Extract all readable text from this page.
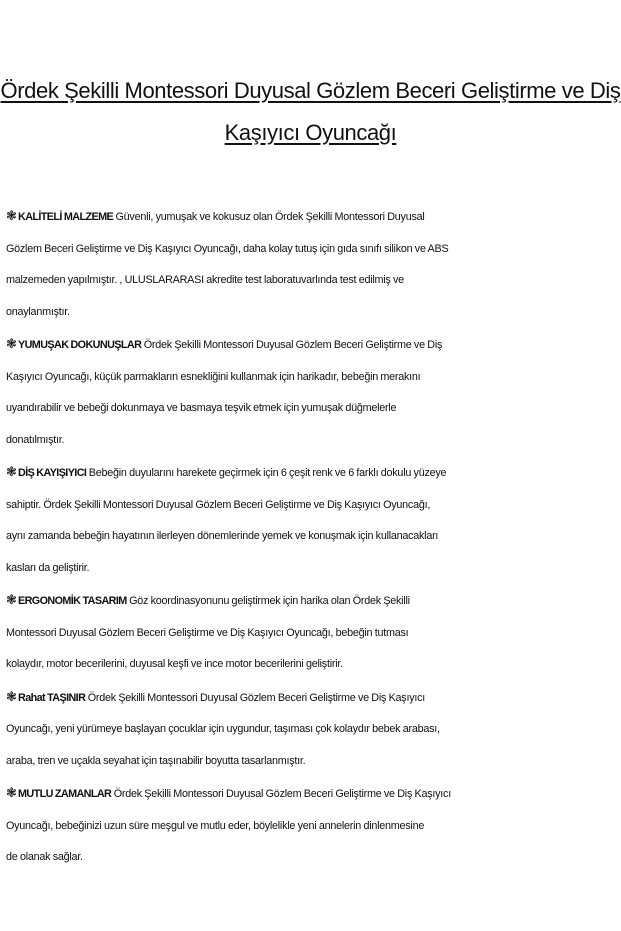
Ördek Şekilli Montessori Duyusal Gözlem Beceri Geliştirme ve Diş
Kaşıyıcı Oyuncağı
❃KALİTELİ MALZEME Güvenli, yumuşak ve kokusuz olan Ördek Şekilli Montessori Duyusal
Gözlem Beceri Geliştirme ve Diş Kaşıyıcı Oyuncağı, daha kolay tutuş için gıda sınıfı silikon ve ABS
malzemeden yapılmıştır. , ULUSLARARASI akredite test laboratuvarlında test edilmiş ve
onaylanmıştır.
❃YUMUŞAK DOKUNUŞLAR Ördek Şekilli Montessori Duyusal Gözlem Beceri Geliştirme ve Diş
Kaşıyıcı Oyuncağı, küçük parmakların esnekliğini kullanmak için harikadır, bebeğin merakını
uyandırabilir ve bebeği dokunmaya ve basmaya teşvik etmek için yumuşak düğmelerle
donatılmıştır.
❃DİŞ KAYIŞIYICI Bebeğin duyularını harekete geçirmek için 6 çeşit renk ve 6 farklı dokulu yüzeye
sahiptir. Ördek Şekilli Montessori Duyusal Gözlem Beceri Geliştirme ve Diş Kaşıyıcı Oyuncağı,
aynı zamanda bebeğin hayatının ilerleyen dönemlerinde yemek ve konuşmak için kullanacakları
kasları da geliştirir.
❃ERGONOMİK TASARIM Göz koordinasyonunu geliştirmek için harika olan Ördek Şekilli
Montessori Duyusal Gözlem Beceri Geliştirme ve Diş Kaşıyıcı Oyuncağı, bebeğin tutması
kolaydır, motor becerilerini, duyusal keşfi ve ince motor becerilerini geliştirir.
❃Rahat TAŞINIR Ördek Şekilli Montessori Duyusal Gözlem Beceri Geliştirme ve Diş Kaşıyıcı
Oyuncağı, yeni yürümeye başlayan çocuklar için uygundur, taşıması çok kolaydır bebek arabası,
araba, tren ve uçakla seyahat için taşınabilir boyutta tasarlanmıştır.
❃MUTLU ZAMANLAR Ördek Şekilli Montessori Duyusal Gözlem Beceri Geliştirme ve Diş Kaşıyıcı
Oyuncağı, bebeğinizi uzun süre meşgul ve mutlu eder, böylelikle yeni annelerin dinlenmesine
de olanak sağlar.
